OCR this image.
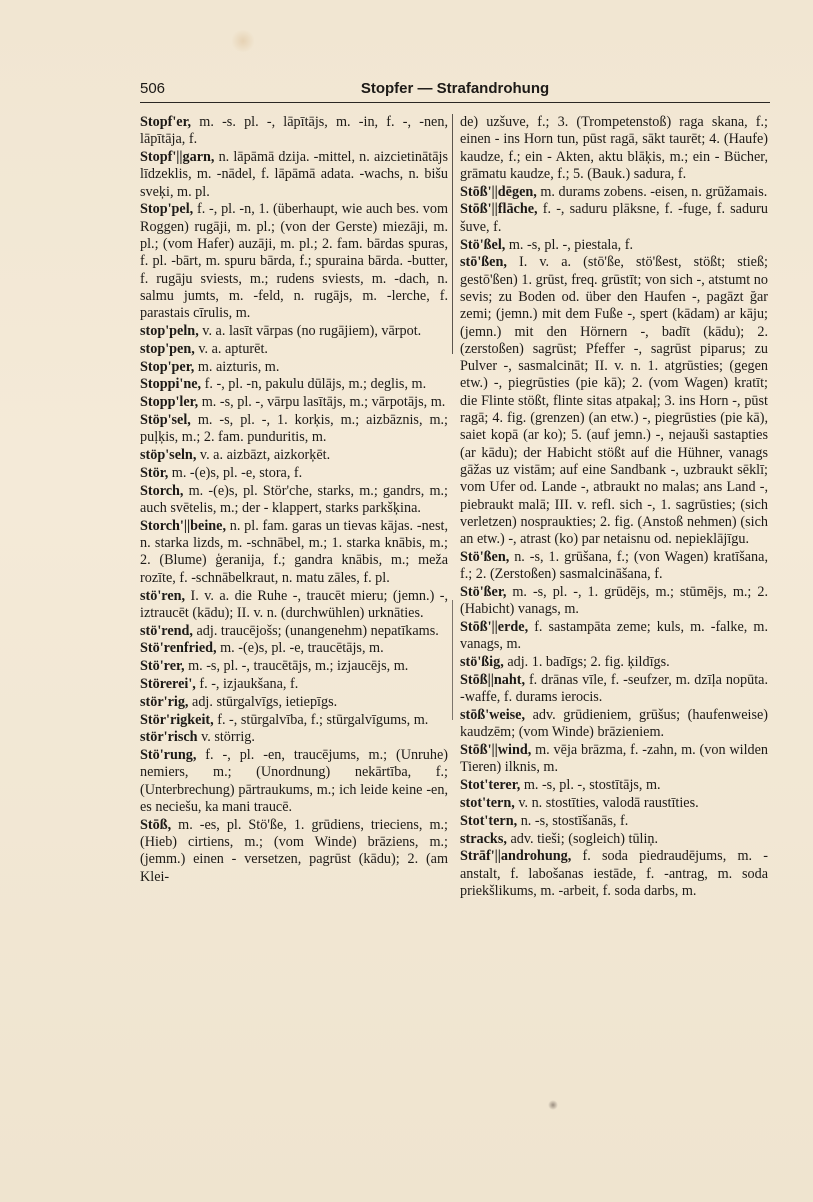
506	Stopfer — Strafandrohung
Stopf'er, m. -s. pl. -, lāpītājs, m. -in, f. -, -nen, lāpītāja, f.
Stopf'||garn, n. lāpāmā dzija. -mittel, n. aizcietinātājs līdzeklis, m. -nādel, f. lāpāmā adata. -wachs, n. bišu sveķi, m. pl.
Stop'pel, f. -, pl. -n, 1. (überhaupt, wie auch bes. vom Roggen) rugāji, m. pl.; (von der Gerste) miezāji, m. pl.; (vom Hafer) auzāji, m. pl.; 2. fam. bārdas spuras, f. pl. -bārt, m. spuru bārda, f.; spuraina bārda. -butter, f. rugāju sviests, m.; rudens sviests, m. -dach, n. salmu jumts, m. -feld, n. rugājs, m. -lerche, f. parastais cīrulis, m.
stop'peln, v. a. lasīt vārpas (no rugājiem), vārpot.
stop'pen, v. a. apturēt.
Stop'per, m. aizturis, m.
Stoppi'ne, f. -, pl. -n, pakulu dūlājs, m.; deglis, m.
Stopp'ler, m. -s, pl. -, vārpu lasītājs, m.; vārpotājs, m.
Stöp'sel, m. -s, pl. -, 1. korķis, m.; aizbāznis, m.; puļķis, m.; 2. fam. punduritis, m.
stöp'seln, v. a. aizbāzt, aizkorķēt.
Stör, m. -(e)s, pl. -e, stora, f.
Storch, m. -(e)s, pl. Stör'che, starks, m.; gandrs, m.; auch svētelis, m.; der - klappert, starks parkšķina.
Storch'||beine, n. pl. fam. garas un tievas kājas. -nest, n. starka lizds, m. -schnābel, m.; 1. starka knābis, m.; 2. (Blume) ģeranija, f.; gandra knābis, m.; meža rozīte, f. -schnābelkraut, n. matu zāles, f. pl.
stö'ren, I. v. a. die Ruhe -, traucēt mieru; (jemn.) -, iztraucēt (kādu); II. v. n. (durchwühlen) urknāties.
stö'rend, adj. traucējošs; (unangenehm) nepatīkams.
Stö'renfried, m. -(e)s, pl. -e, traucētājs, m.
Stö'rer, m. -s, pl. -, traucētājs, m.; izjaucējs, m.
Störerei', f. -, izjaukšana, f.
stör'rig, adj. stūrgalvīgs, ietiepīgs.
Stör'rigkeit, f. -, stūrgalvība, f.; stūrgalvīgums, m.
stör'risch v. störrig.
Stö'rung, f. -, pl. -en, traucējums, m.; (Unruhe) nemiers, m.; (Unordnung) nekārtība, f.; (Unterbrechung) pārtraukums, m.; ich leide keine -en, es neciešu, ka mani traucē.
Stōß, m. -es, pl. Stö'ße, 1. grūdiens, trieciens, m.; (Hieb) cirtiens, m.; (vom Winde) brāziens, m.; (jemm.) einen - versetzen, pagrūst (kādu); 2. (am Klei-
de) uzšuve, f.; 3. (Trompetenstoß) raga skana, f.; einen - ins Horn tun, pūst ragā, sākt taurēt; 4. (Haufe) kaudze, f.; ein - Akten, aktu blāķis, m.; ein - Bücher, grāmatu kaudze, f.; 5. (Bauk.) sadura, f.
Stōß'||dēgen, m. durams zobens. -eisen, n. grūžamais.
Stōß'||flāche, f. -, saduru plāksne, f. -fuge, f. saduru šuve, f.
Stö'ßel, m. -s, pl. -, piestala, f.
stō'ßen, I. v. a. (stō'ße, stö'ßest, stößt; stieß; gestō'ßen) 1. grūst, freq. grūstīt; von sich -, atstumt no sevis; zu Boden od. über den Haufen -, pagāzt ğar zemi; (jemn.) mit dem Fuße -, spert (kādam) ar kāju; (jemn.) mit den Hörnern -, badīt (kādu); 2. (zerstoßen) sagrūst; Pfeffer -, sagrūst piparus; zu Pulver -, sasmalcināt; II. v. n. 1. atgrūsties; (gegen etw.) -, piegrūsties (pie kā); 2. (vom Wagen) kratīt; die Flinte stößt, flinte sitas atpakaļ; 3. ins Horn -, pūst ragā; 4. fig. (grenzen) (an etw.) -, piegrūsties (pie kā), saiet kopā (ar ko); 5. (auf jemn.) -, nejauši sastapties (ar kādu); der Habicht stößt auf die Hühner, vanags gāžas uz vistām; auf eine Sandbank -, uzbraukt sēklī; vom Ufer od. Lande -, atbraukt no malas; ans Land -, piebraukt malā; III. v. refl. sich -, 1. sagrūsties; (sich verletzen) nospraukties; 2. fig. (Anstoß nehmen) (sich an etw.) -, atrast (ko) par netaisnu od. nepieklājīgu.
Stö'ßen, n. -s, 1. grūšana, f.; (von Wagen) kratīšana, f.; 2. (Zerstoßen) sasmalcināšana, f.
Stö'ßer, m. -s, pl. -, 1. grūdējs, m.; stūmējs, m.; 2. (Habicht) vanags, m.
Stōß'||erde, f. sastampāta zeme; kuls, m. -falke, m. vanags, m.
stö'ßig, adj. 1. badīgs; 2. fig. ķildīgs.
Stōß||naht, f. drānas vīle, f. -seufzer, m. dzīļa nopūta. -waffe, f. durams ierocis.
stōß'weise, adv. grūdieniem, grūšus; (haufenweise) kaudzēm; (vom Winde) brāzieniem.
Stōß'||wind, m. vēja brāzma, f. -zahn, m. (von wilden Tieren) ilknis, m.
Stot'terer, m. -s, pl. -, stostītājs, m.
stot'tern, v. n. stostīties, valodā raustīties.
Stot'tern, n. -s, stostīšanās, f.
stracks, adv. tieši; (sogleich) tūliņ.
Strāf'||androhung, f. soda piedraudējums, m. -anstalt, f. labošanas iestāde, f. -antrag, m. soda priekšlikums, m. -arbeit, f. soda darbs, m.
